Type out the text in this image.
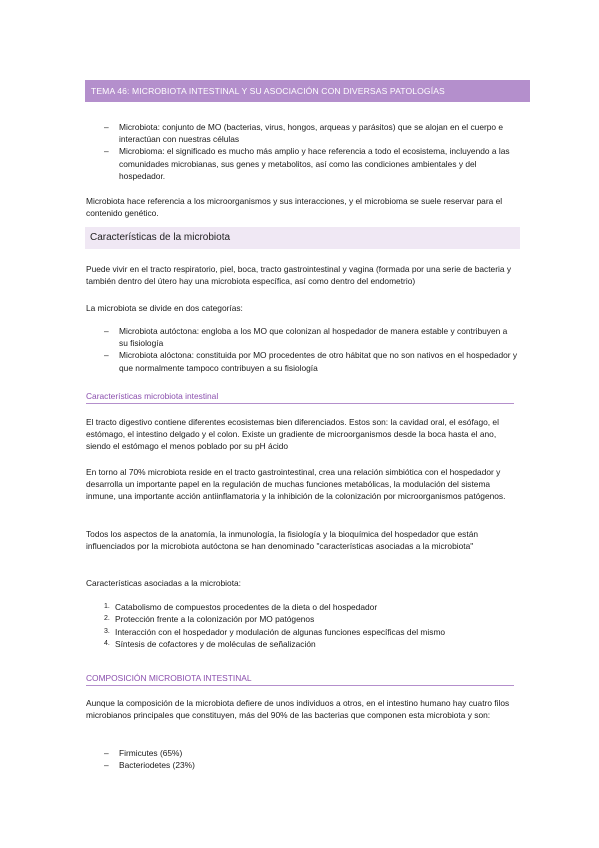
TEMA 46: MICROBIOTA INTESTINAL Y SU ASOCIACIÓN CON DIVERSAS PATOLOGÍAS
– Microbiota: conjunto de MO (bacterias, virus, hongos, arqueas y parásitos) que se alojan en el cuerpo e interactúan con nuestras células
– Microbioma: el significado es mucho más amplio y hace referencia a todo el ecosistema, incluyendo a las comunidades microbianas, sus genes y metabolitos, así como las condiciones ambientales y del hospedador.
Microbiota hace referencia a los microorganismos y sus interacciones, y el microbioma se suele reservar para el contenido genético.
Características de la microbiota
Puede vivir en el tracto respiratorio, piel, boca, tracto gastrointestinal y vagina (formada por una serie de bacteria y también dentro del útero hay una microbiota específica, así como dentro del endometrio)
La microbiota se divide en dos categorías:
– Microbiota autóctona: engloba a los MO que colonizan al hospedador de manera estable y contribuyen a su fisiología
– Microbiota alóctona: constituida por MO procedentes de otro hábitat que no son nativos en el hospedador y que normalmente tampoco contribuyen a su fisiología
Características microbiota intestinal
El tracto digestivo contiene diferentes ecosistemas bien diferenciados. Estos son: la cavidad oral, el esófago, el estómago, el intestino delgado y el colon. Existe un gradiente de microorganismos desde la boca hasta el ano, siendo el estómago el menos poblado por su pH ácido
En torno al 70% microbiota reside en el tracto gastrointestinal, crea una relación simbiótica con el hospedador y desarrolla un importante papel en la regulación de muchas funciones metabólicas, la modulación del sistema inmune, una importante acción antiinflamatoria y la inhibición de la colonización por microorganismos patógenos.
Todos los aspectos de la anatomía, la inmunología, la fisiología y la bioquímica del hospedador que están influenciados por la microbiota autóctona se han denominado "características asociadas a la microbiota"
Características asociadas a la microbiota:
1. Catabolismo de compuestos procedentes de la dieta o del hospedador
2. Protección frente a la colonización por MO patógenos
3. Interacción con el hospedador y modulación de algunas funciones específicas del mismo
4. Síntesis de cofactores y de moléculas de señalización
COMPOSICIÓN MICROBIOTA INTESTINAL
Aunque la composición de la microbiota defiere de unos individuos a otros, en el intestino humano hay cuatro filos microbianos principales que constituyen, más del 90% de las bacterias que componen esta microbiota y son:
– Firmicutes (65%)
– Bacteriodetes (23%)
